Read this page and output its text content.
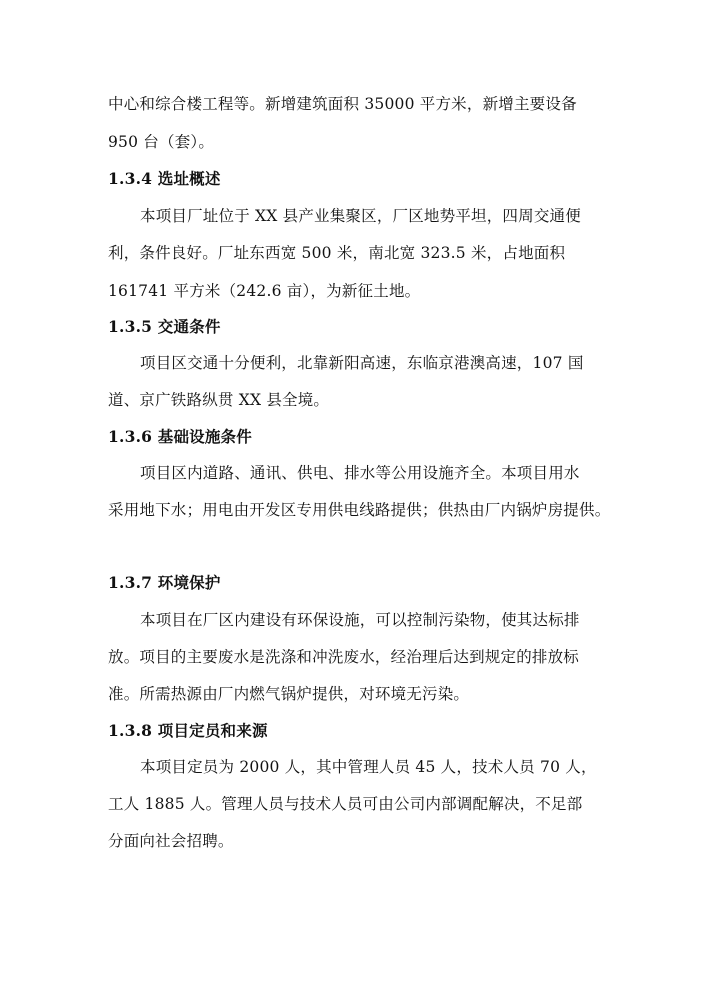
中心和综合楼工程等。新增建筑面积 35000 平方米，新增主要设备
950 台（套）。
1.3.4 选址概述
本项目厂址位于 XX 县产业集聚区，厂区地势平坦，四周交通便
利，条件良好。厂址东西宽 500 米，南北宽 323.5 米，占地面积
161741 平方米（242.6 亩），为新征土地。
1.3.5 交通条件
项目区交通十分便利，北靠新阳高速，东临京港澳高速，107 国
道、京广铁路纵贯 XX 县全境。
1.3.6 基础设施条件
项目区内道路、通讯、供电、排水等公用设施齐全。本项目用水
采用地下水；用电由开发区专用供电线路提供；供热由厂内锅炉房提供。
1.3.7 环境保护
本项目在厂区内建设有环保设施，可以控制污染物，使其达标排
放。项目的主要废水是洗涤和冲洗废水，经治理后达到规定的排放标
准。所需热源由厂内燃气锅炉提供，对环境无污染。
1.3.8 项目定员和来源
本项目定员为 2000 人，其中管理人员 45 人，技术人员 70 人，
工人 1885 人。管理人员与技术人员可由公司内部调配解决，不足部
分面向社会招聘。
